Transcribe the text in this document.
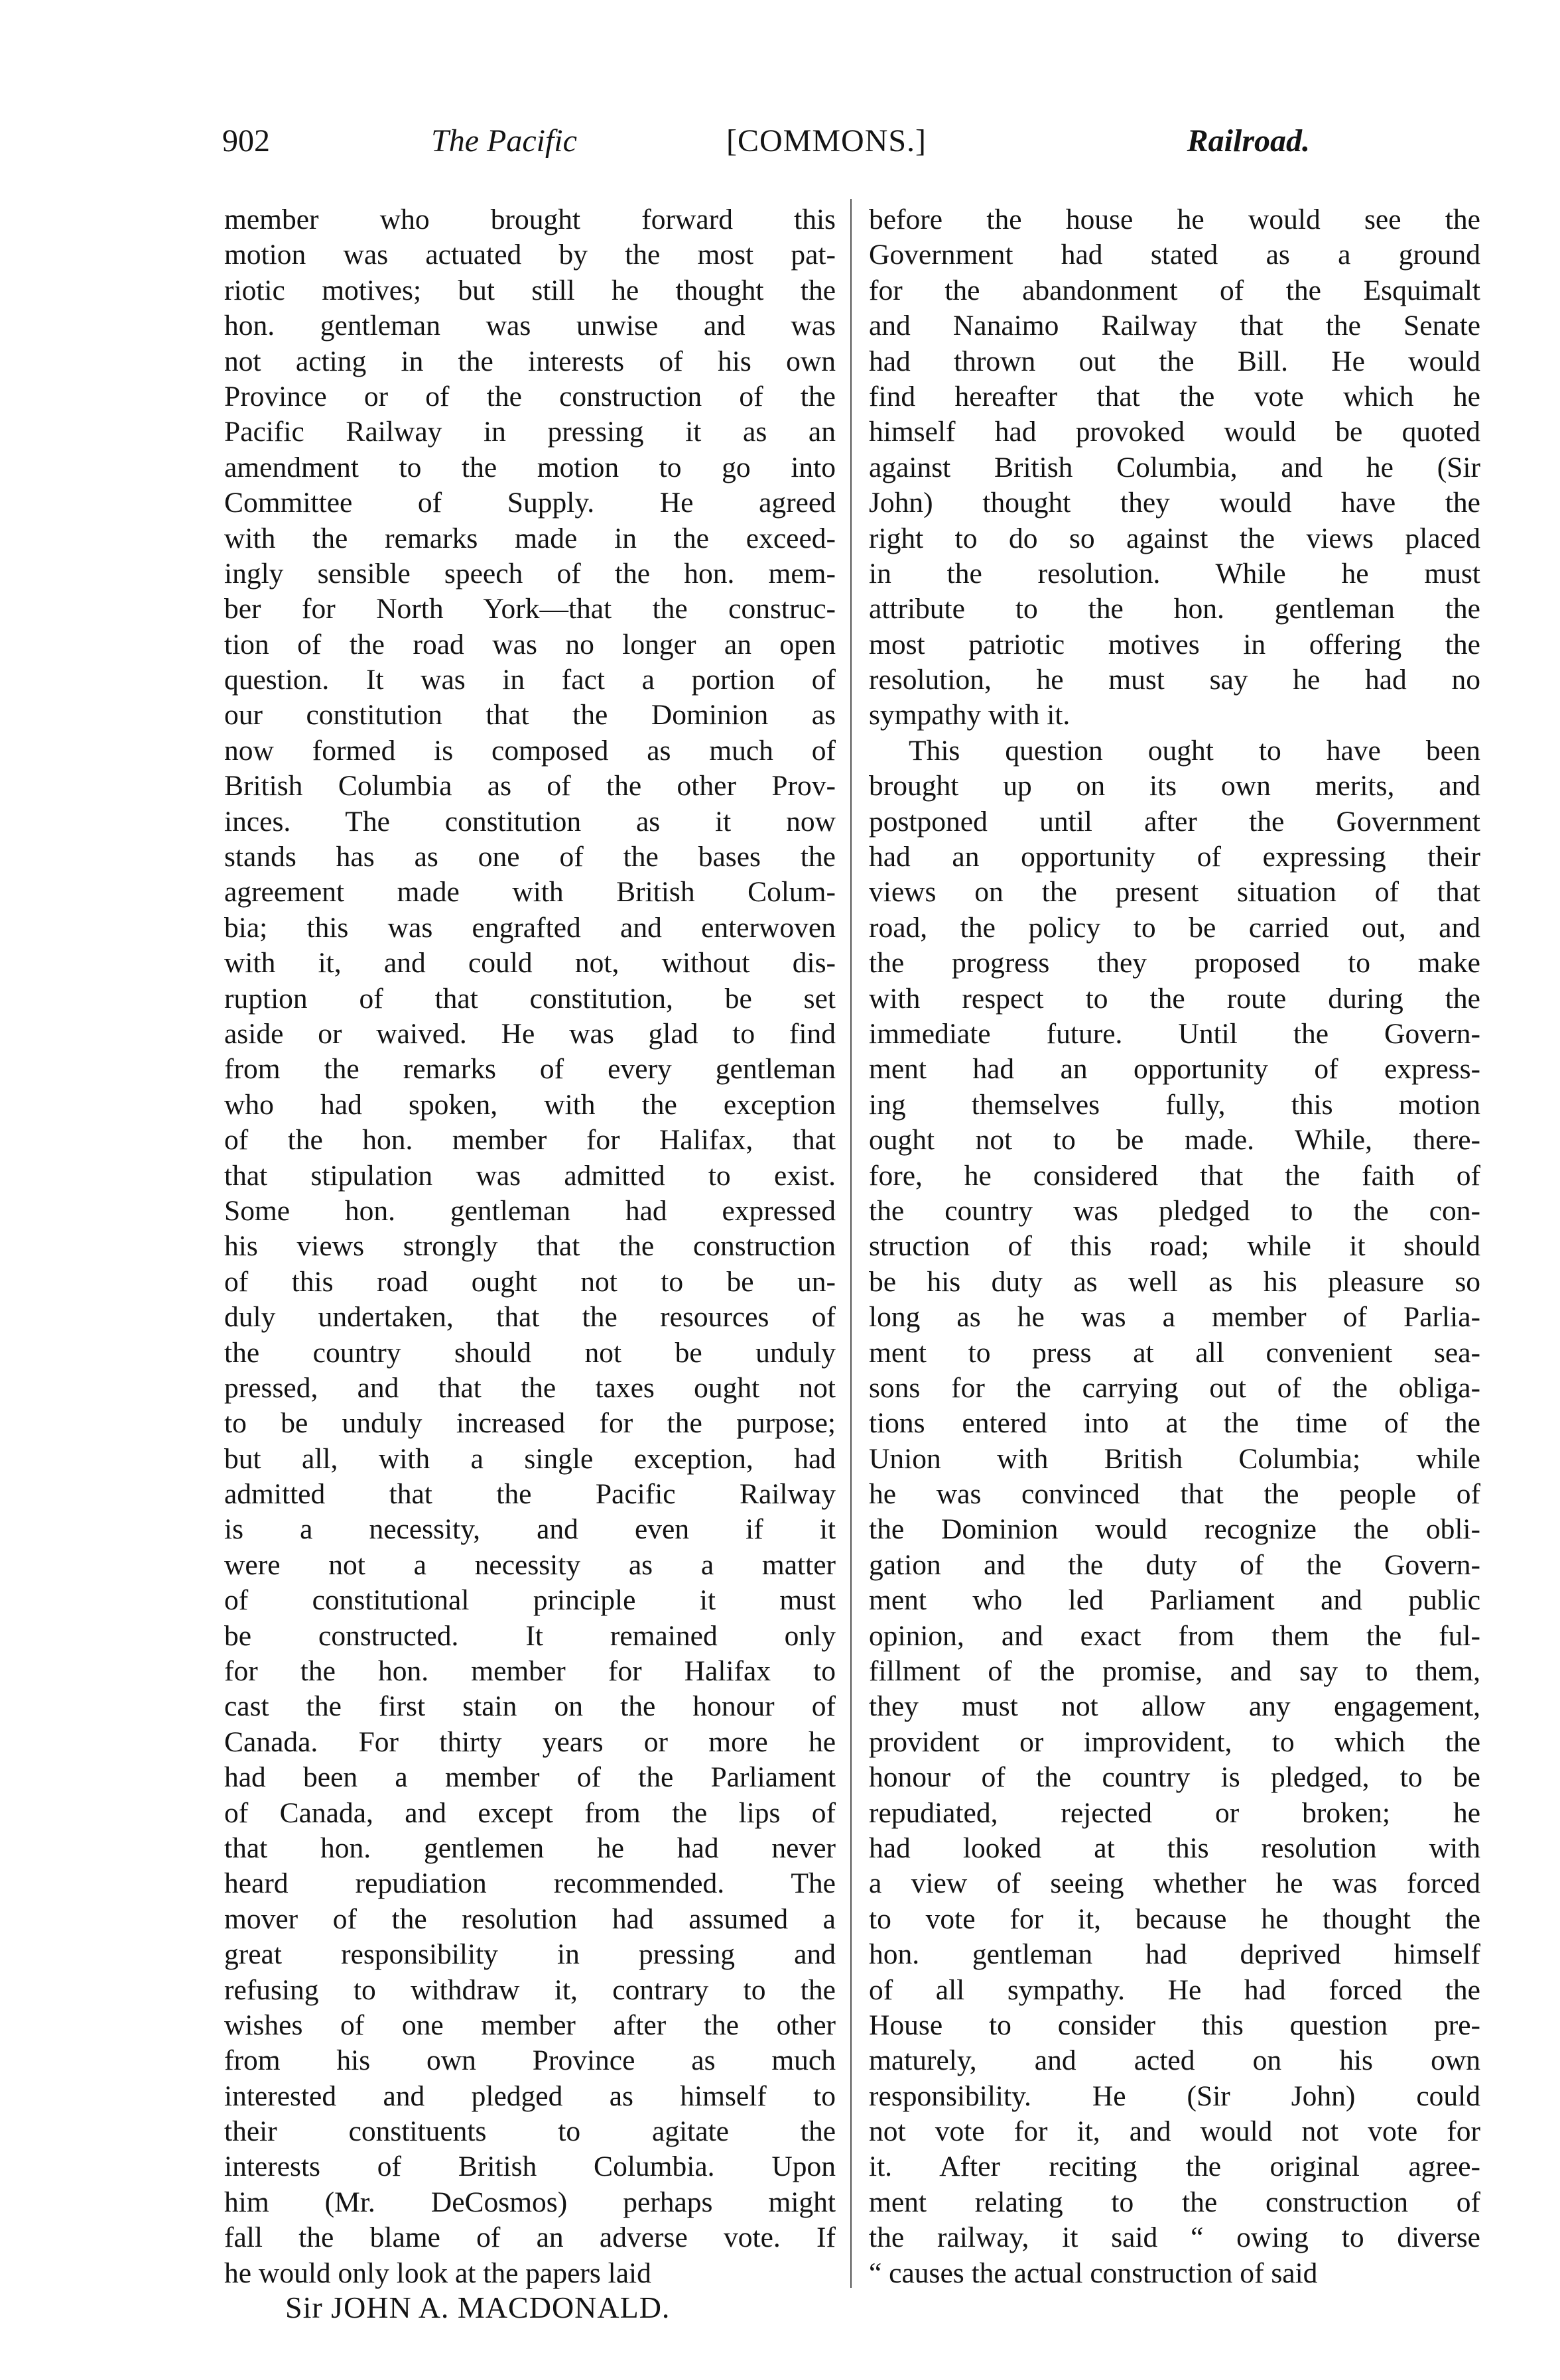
902	The Pacific	[COMMONS.]	Railroad.
member who brought forward this
motion was actuated by the most pat-
riotic motives; but still he thought the
hon. gentleman was unwise and was
not acting in the interests of his own
Province or of the construction of the
Pacific Railway in pressing it as an
amendment to the motion to go into
Committee of Supply. He agreed
with the remarks made in the exceed-
ingly sensible speech of the hon. mem-
ber for North York—that the construc-
tion of the road was no longer an open
question. It was in fact a portion of
our constitution that the Dominion as
now formed is composed as much of
British Columbia as of the other Prov-
inces. The constitution as it now
stands has as one of the bases the
agreement made with British Colum-
bia; this was engrafted and enterwoven
with it, and could not, without dis-
ruption of that constitution, be set
aside or waived. He was glad to find
from the remarks of every gentleman
who had spoken, with the exception
of the hon. member for Halifax, that
that stipulation was admitted to exist.
Some hon. gentleman had expressed
his views strongly that the construction
of this road ought not to be un-
duly undertaken, that the resources of
the country should not be unduly
pressed, and that the taxes ought not
to be unduly increased for the purpose;
but all, with a single exception, had
admitted that the Pacific Railway
is a necessity, and even if it
were not a necessity as a matter
of constitutional principle it must
be constructed. It remained only
for the hon. member for Halifax to
cast the first stain on the honour of
Canada. For thirty years or more he
had been a member of the Parliament
of Canada, and except from the lips of
that hon. gentlemen he had never
heard repudiation recommended. The
mover of the resolution had assumed a
great responsibility in pressing and
refusing to withdraw it, contrary to the
wishes of one member after the other
from his own Province as much
interested and pledged as himself to
their constituents to agitate the
interests of British Columbia. Upon
him (Mr. DeCosmos) perhaps might
fall the blame of an adverse vote. If
he would only look at the papers laid
before the house he would see the
Government had stated as a ground
for the abandonment of the Esquimalt
and Nanaimo Railway that the Senate
had thrown out the Bill. He would
find hereafter that the vote which he
himself had provoked would be quoted
against British Columbia, and he (Sir
John) thought they would have the
right to do so against the views placed
in the resolution. While he must
attribute to the hon. gentleman the
most patriotic motives in offering the
resolution, he must say he had no
sympathy with it.
This question ought to have been
brought up on its own merits, and
postponed until after the Government
had an opportunity of expressing their
views on the present situation of that
road, the policy to be carried out, and
the progress they proposed to make
with respect to the route during the
immediate future. Until the Govern-
ment had an opportunity of express-
ing themselves fully, this motion
ought not to be made. While, there-
fore, he considered that the faith of
the country was pledged to the con-
struction of this road; while it should
be his duty as well as his pleasure so
long as he was a member of Parlia-
ment to press at all convenient sea-
sons for the carrying out of the obliga-
tions entered into at the time of the
Union with British Columbia; while
he was convinced that the people of
the Dominion would recognize the obli-
gation and the duty of the Govern-
ment who led Parliament and public
opinion, and exact from them the ful-
fillment of the promise, and say to them,
they must not allow any engagement,
provident or improvident, to which the
honour of the country is pledged, to be
repudiated, rejected or broken; he
had looked at this resolution with
a view of seeing whether he was forced
to vote for it, because he thought the
hon. gentleman had deprived himself
of all sympathy. He had forced the
House to consider this question pre-
maturely, and acted on his own
responsibility. He (Sir John) could
not vote for it, and would not vote for
it. After reciting the original agree-
ment relating to the construction of
the railway, it said “ owing to diverse
“ causes the actual construction of said
Sir JOHN A. MACDONALD.
